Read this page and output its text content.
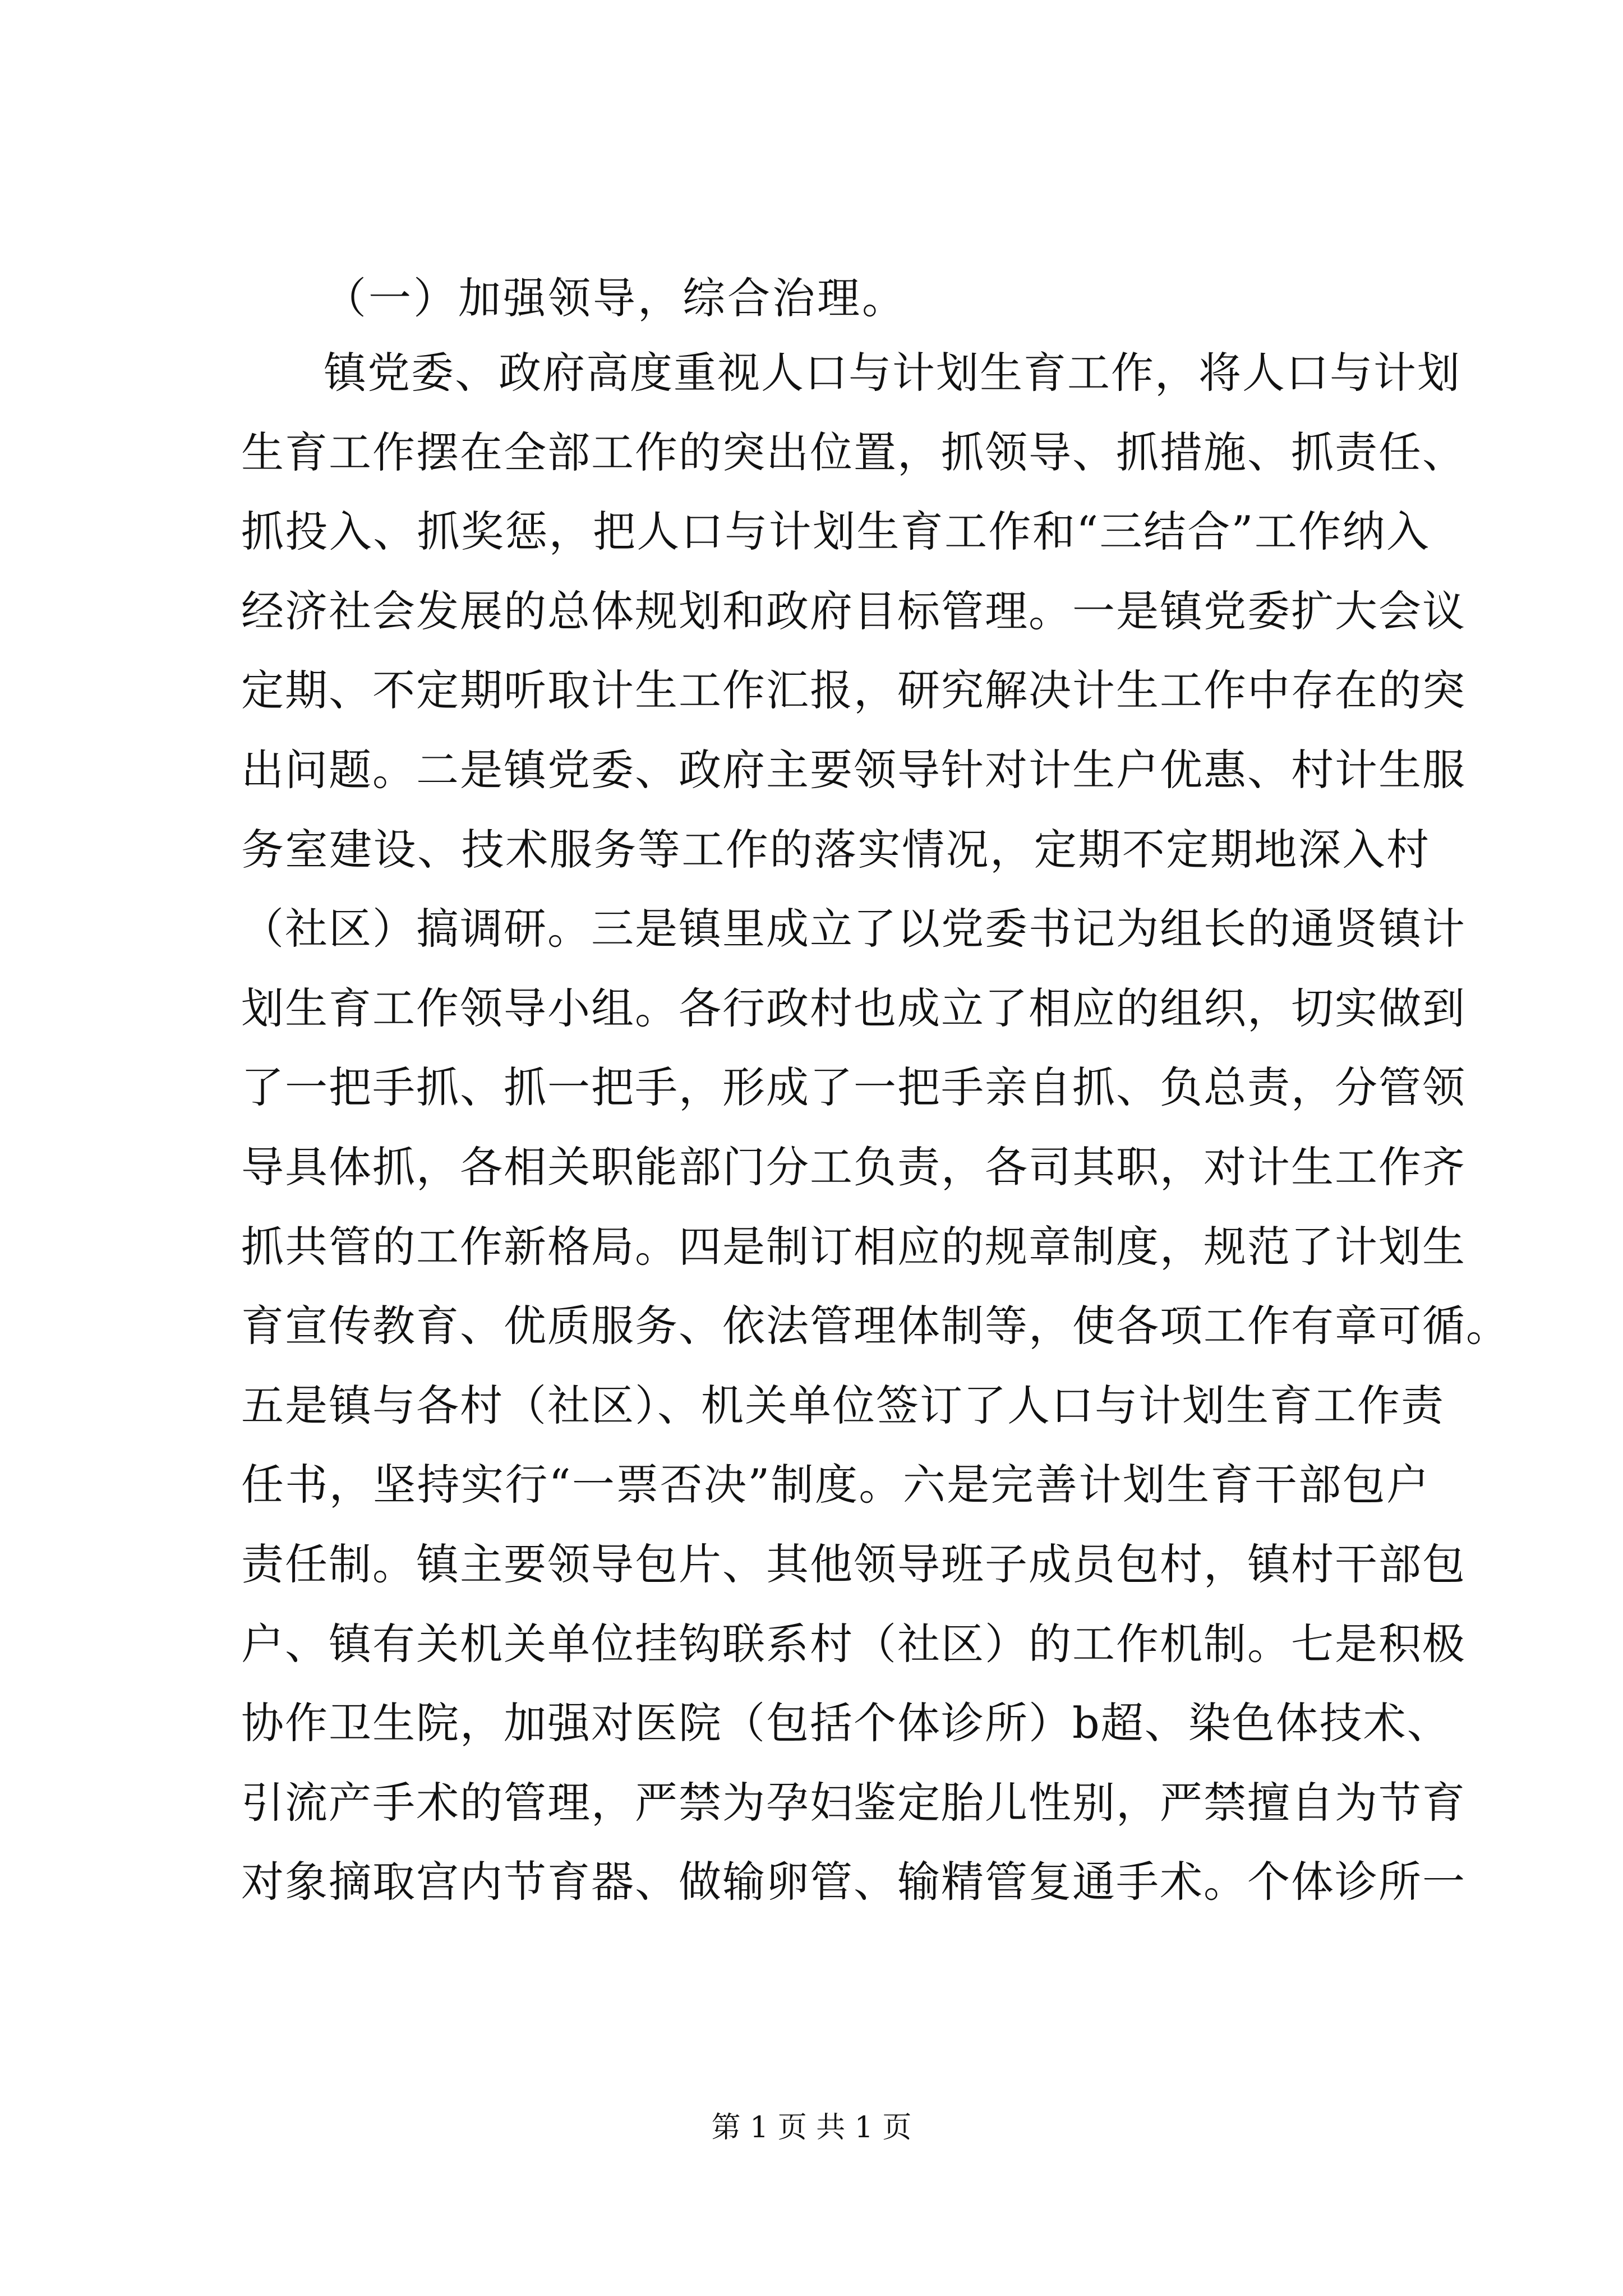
（一）加强领导，综合治理。
镇党委、政府高度重视人口与计划生育工作，将人口与计划
生育工作摆在全部工作的突出位置，抓领导、抓措施、抓责任、
抓投入、抓奖惩，把人口与计划生育工作和“三结合”工作纳入
经济社会发展的总体规划和政府目标管理。一是镇党委扩大会议
定期、不定期听取计生工作汇报，研究解决计生工作中存在的突
出问题。二是镇党委、政府主要领导针对计生户优惠、村计生服
务室建设、技术服务等工作的落实情况，定期不定期地深入村
（社区）搞调研。三是镇里成立了以党委书记为组长的通贤镇计
划生育工作领导小组。各行政村也成立了相应的组织，切实做到
了一把手抓、抓一把手，形成了一把手亲自抓、负总责，分管领
导具体抓，各相关职能部门分工负责，各司其职，对计生工作齐
抓共管的工作新格局。四是制订相应的规章制度，规范了计划生
育宣传教育、优质服务、依法管理体制等，使各项工作有章可循。
五是镇与各村（社区）、机关单位签订了人口与计划生育工作责
任书，坚持实行“一票否决”制度。六是完善计划生育干部包户
责任制。镇主要领导包片、其他领导班子成员包村，镇村干部包
户、镇有关机关单位挂钩联系村（社区）的工作机制。七是积极
协作卫生院，加强对医院（包括个体诊所）b超、染色体技术、
引流产手术的管理，严禁为孕妇鉴定胎儿性别，严禁擅自为节育
对象摘取宫内节育器、做输卵管、输精管复通手术。个体诊所一
第 1 页 共 1 页
